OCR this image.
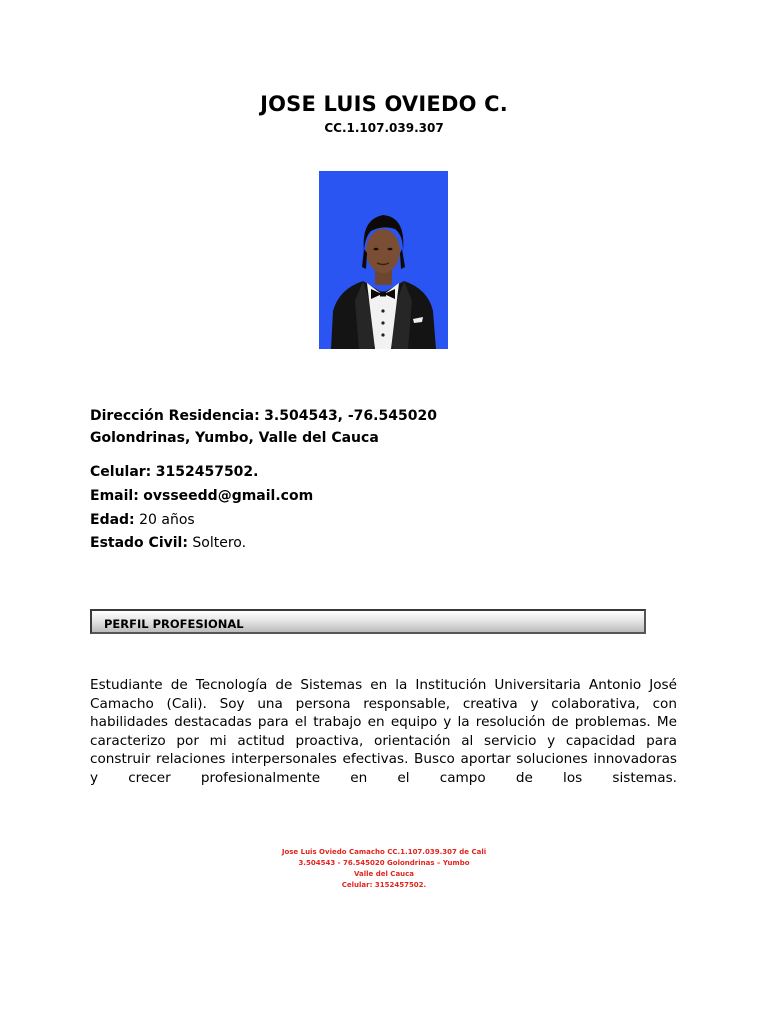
JOSE LUIS OVIEDO C.
CC.1.107.039.307
Dirección Residencia: 3.504543, -76.545020
Golondrinas, Yumbo, Valle del Cauca
Celular: 3152457502.
Email: ovsseedd@gmail.com
Edad: 20 años
Estado Civil: Soltero.
PERFIL PROFESIONAL
Estudiante de Tecnología de Sistemas en la Institución Universitaria Antonio José Camacho (Cali). Soy una persona responsable, creativa y colaborativa, con habilidades destacadas para el trabajo en equipo y la resolución de problemas. Me caracterizo por mi actitud proactiva, orientación al servicio y capacidad para construir relaciones interpersonales efectivas. Busco aportar soluciones innovadoras y crecer profesionalmente en el campo de los sistemas.
Jose Luis Oviedo Camacho CC.1.107.039.307 de Cali
3.504543 - 76.545020 Golondrinas – Yumbo
Valle del Cauca
Celular: 3152457502.
